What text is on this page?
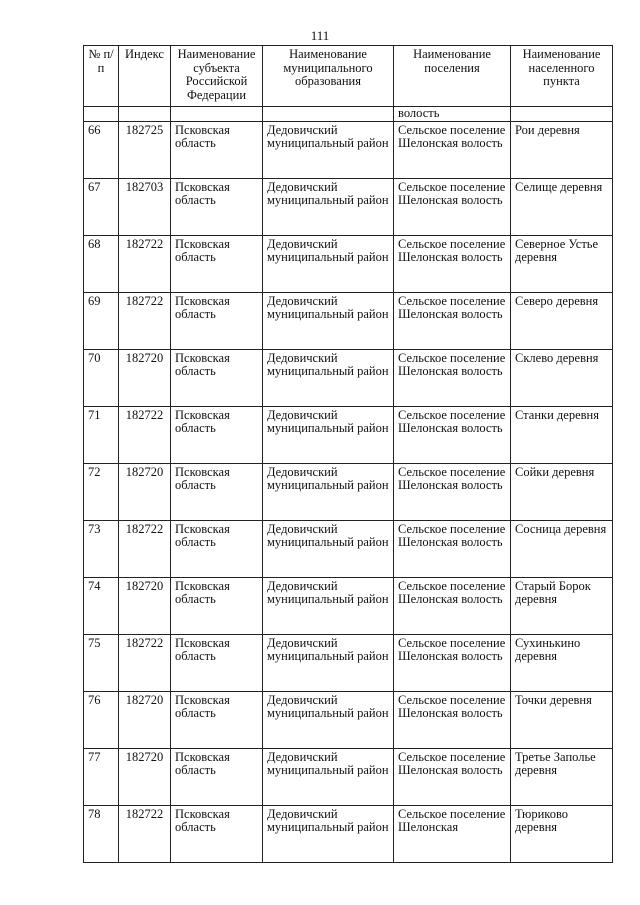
111
№ п/п	Индекс	Наименование субъекта Российской Федерации	Наименование муниципального образования	Наименование поселения	Наименование населенного пункта
				волость	
66	182725	Псковская область	Дедовичский муниципальный район	Сельское поселение Шелонская волость	Рои деревня
67	182703	Псковская область	Дедовичский муниципальный район	Сельское поселение Шелонская волость	Селище деревня
68	182722	Псковская область	Дедовичский муниципальный район	Сельское поселение Шелонская волость	Северное Устье деревня
69	182722	Псковская область	Дедовичский муниципальный район	Сельское поселение Шелонская волость	Северо деревня
70	182720	Псковская область	Дедовичский муниципальный район	Сельское поселение Шелонская волость	Склево деревня
71	182722	Псковская область	Дедовичский муниципальный район	Сельское поселение Шелонская волость	Станки деревня
72	182720	Псковская область	Дедовичский муниципальный район	Сельское поселение Шелонская волость	Сойки деревня
73	182722	Псковская область	Дедовичский муниципальный район	Сельское поселение Шелонская волость	Сосница деревня
74	182720	Псковская область	Дедовичский муниципальный район	Сельское поселение Шелонская волость	Старый Борок деревня
75	182722	Псковская область	Дедовичский муниципальный район	Сельское поселение Шелонская волость	Сухинькино деревня
76	182720	Псковская область	Дедовичский муниципальный район	Сельское поселение Шелонская волость	Точки деревня
77	182720	Псковская область	Дедовичский муниципальный район	Сельское поселение Шелонская волость	Третье Заполье деревня
78	182722	Псковская область	Дедовичский муниципальный район	Сельское поселение Шелонская	Тюриково деревня
